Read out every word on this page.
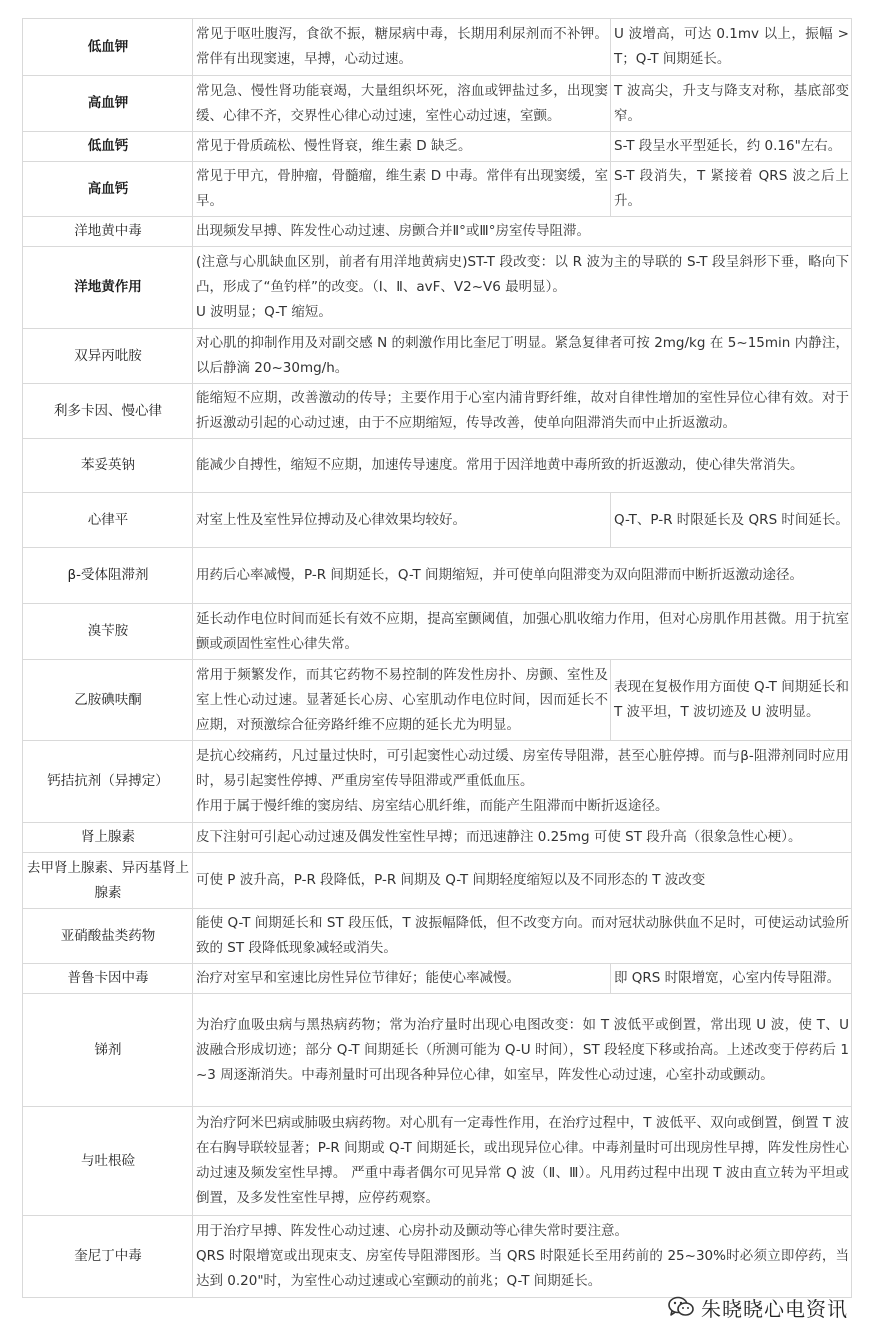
低血钾	常见于呕吐腹泻，食欲不振，糖尿病中毒，长期用利尿剂而不补钾。常伴有出现窦速，早搏，心动过速。	U 波增高，可达 0.1mv 以上，振幅 > T；Q-T 间期延长。
高血钾	常见急、慢性肾功能衰竭，大量组织坏死，溶血或钾盐过多，出现窦缓、心律不齐，交界性心律心动过速，室性心动过速，室颤。	T 波高尖，升支与降支对称，基底部变窄。
低血钙	常见于骨质疏松、慢性肾衰，维生素 D 缺乏。	S-T 段呈水平型延长，约 0.16"左右。
高血钙	常见于甲亢，骨肿瘤，骨髓瘤，维生素 D 中毒。常伴有出现窦缓，室早。	S-T 段消失，T 紧接着 QRS 波之后上升。
洋地黄中毒	出现频发早搏、阵发性心动过速、房颤合并Ⅱ°或Ⅲ°房室传导阻滞。	
洋地黄作用	(注意与心肌缺血区别，前者有用洋地黄病史)ST-T 段改变：以 R 波为主的导联的 S-T 段呈斜形下垂，略向下凸，形成了“鱼钓样”的改变。（Ⅰ、Ⅱ、avF、V2~V6 最明显）。
U 波明显；Q-T 缩短。	

双异丙吡胺	对心肌的抑制作用及对副交感 N 的刺激作用比奎尼丁明显。紧急复律者可按 2mg/kg 在 5~15min 内静注，以后静滴 20~30mg/h。	
利多卡因、慢心律	能缩短不应期，改善激动的传导；主要作用于心室内浦肯野纤维，故对自律性增加的室性异位心律有效。对于折返激动引起的心动过速，由于不应期缩短，传导改善，使单向阻滞消失而中止折返激动。	
苯妥英钠	能减少自搏性，缩短不应期，加速传导速度。常用于因洋地黄中毒所致的折返激动，使心律失常消失。	
心律平	对室上性及室性异位搏动及心律效果均较好。	Q-T、P-R 时限延长及 QRS 时间延长。
β-受体阻滞剂	用药后心率减慢，P-R 间期延长，Q-T 间期缩短，并可使单向阻滞变为双向阻滞而中断折返激动途径。	
溴苄胺	延长动作电位时间而延长有效不应期，提高室颤阈值，加强心肌收缩力作用，但对心房肌作用甚微。用于抗室颤或顽固性室性心律失常。	
乙胺碘呋酮	常用于频繁发作，而其它药物不易控制的阵发性房扑、房颤、室性及室上性心动过速。显著延长心房、心室肌动作电位时间，因而延长不应期，对预激综合征旁路纤维不应期的延长尤为明显。	表现在复极作用方面使 Q-T 间期延长和 T 波平坦，T 波切迹及 U 波明显。
钙拮抗剂（异搏定）	是抗心绞痛药，凡过量过快时，可引起窦性心动过缓、房室传导阻滞，甚至心脏停搏。而与β-阻滞剂同时应用时，易引起窦性停搏、严重房室传导阻滞或严重低血压。
作用于属于慢纤维的窦房结、房室结心肌纤维，而能产生阻滞而中断折返途径。	

肾上腺素	皮下注射可引起心动过速及偶发性室性早搏；而迅速静注 0.25mg 可使 ST 段升高（很象急性心梗）。	
去甲肾上腺素、异丙基肾上腺素	可使 P 波升高，P-R 段降低，P-R 间期及 Q-T 间期轻度缩短以及不同形态的 T 波改变	
亚硝酸盐类药物	能使 Q-T 间期延长和 ST 段压低，T 波振幅降低，但不改变方向。而对冠状动脉供血不足时，可使运动试验所致的 ST 段降低现象减轻或消失。	
普鲁卡因中毒	治疗对室早和室速比房性异位节律好；能使心率减慢。	即 QRS 时限增宽，心室内传导阻滞。
锑剂	为治疗血吸虫病与黑热病药物；常为治疗量时出现心电图改变：如 T 波低平或倒置，常出现 U 波，使 T、U 波融合形成切迹；部分 Q-T 间期延长（所测可能为 Q-U 时间），ST 段轻度下移或抬高。上述改变于停药后 1~3 周逐渐消失。中毒剂量时可出现各种异位心律，如室早，阵发性心动过速，心室扑动或颤动。	
与吐根硷	为治疗阿米巴病或肺吸虫病药物。对心肌有一定毒性作用，在治疗过程中，T 波低平、双向或倒置，倒置 T 波在右胸导联较显著；P-R 间期或 Q-T 间期延长，或出现异位心律。中毒剂量时可出现房性早搏，阵发性房性心动过速及频发室性早搏。 严重中毒者偶尔可见异常 Q 波（Ⅱ、Ⅲ）。凡用药过程中出现 T 波由直立转为平坦或倒置，及多发性室性早搏，应停药观察。	
奎尼丁中毒	用于治疗早搏、阵发性心动过速、心房扑动及颤动等心律失常时要注意。
QRS 时限增宽或出现束支、房室传导阻滞图形。当 QRS 时限延长至用药前的 25~30%时必须立即停药，当达到 0.20"时，为室性心动过速或心室颤动的前兆；Q-T 间期延长。	
朱晓晓心电资讯
